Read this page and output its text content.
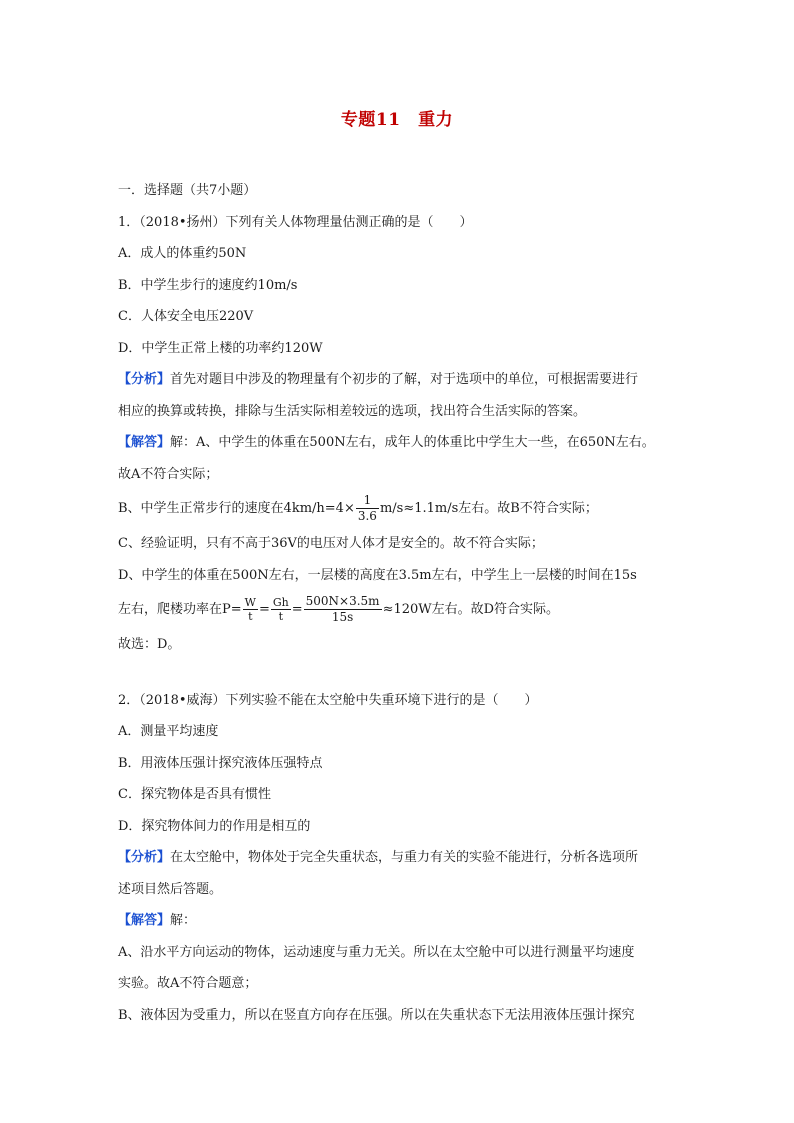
专题11　重力
一．选择题（共7小题）
1．（2018•扬州）下列有关人体物理量估测正确的是（　　）
A．成人的体重约50N
B．中学生步行的速度约10m/s
C．人体安全电压220V
D．中学生正常上楼的功率约120W
【分析】首先对题目中涉及的物理量有个初步的了解，对于选项中的单位，可根据需要进行
相应的换算或转换，排除与生活实际相差较远的选项，找出符合生活实际的答案。
【解答】解：A、中学生的体重在500N左右，成年人的体重比中学生大一些，在650N左右。
故A不符合实际；
B、中学生正常步行的速度在$4km/h=4\times \frac{1}{3.6} m/s\approx 1.1m/s$左右。故B不符合实际；
C、经验证明，只有不高于36V的电压对人体才是安全的。故不符合实际；
D、中学生的体重在500N左右，一层楼的高度在3.5m左右，中学生上一层楼的时间在15s
左右，爬楼功率在$P= \frac{W}{t} = \frac{Gh}{t} = \frac{500N\times 3.5m}{15s} \approx 120W$左右。故D符合实际。
故选：D。
2．（2018•威海）下列实验不能在太空舱中失重环境下进行的是（　　）
A．测量平均速度
B．用液体压强计探究液体压强特点
C．探究物体是否具有惯性
D．探究物体间力的作用是相互的
【分析】在太空舱中，物体处于完全失重状态，与重力有关的实验不能进行，分析各选项所
述项目然后答题。
【解答】解：
A、沿水平方向运动的物体，运动速度与重力无关。所以在太空舱中可以进行测量平均速度
实验。故A不符合题意；
B、液体因为受重力，所以在竖直方向存在压强。所以在失重状态下无法用液体压强计探究
